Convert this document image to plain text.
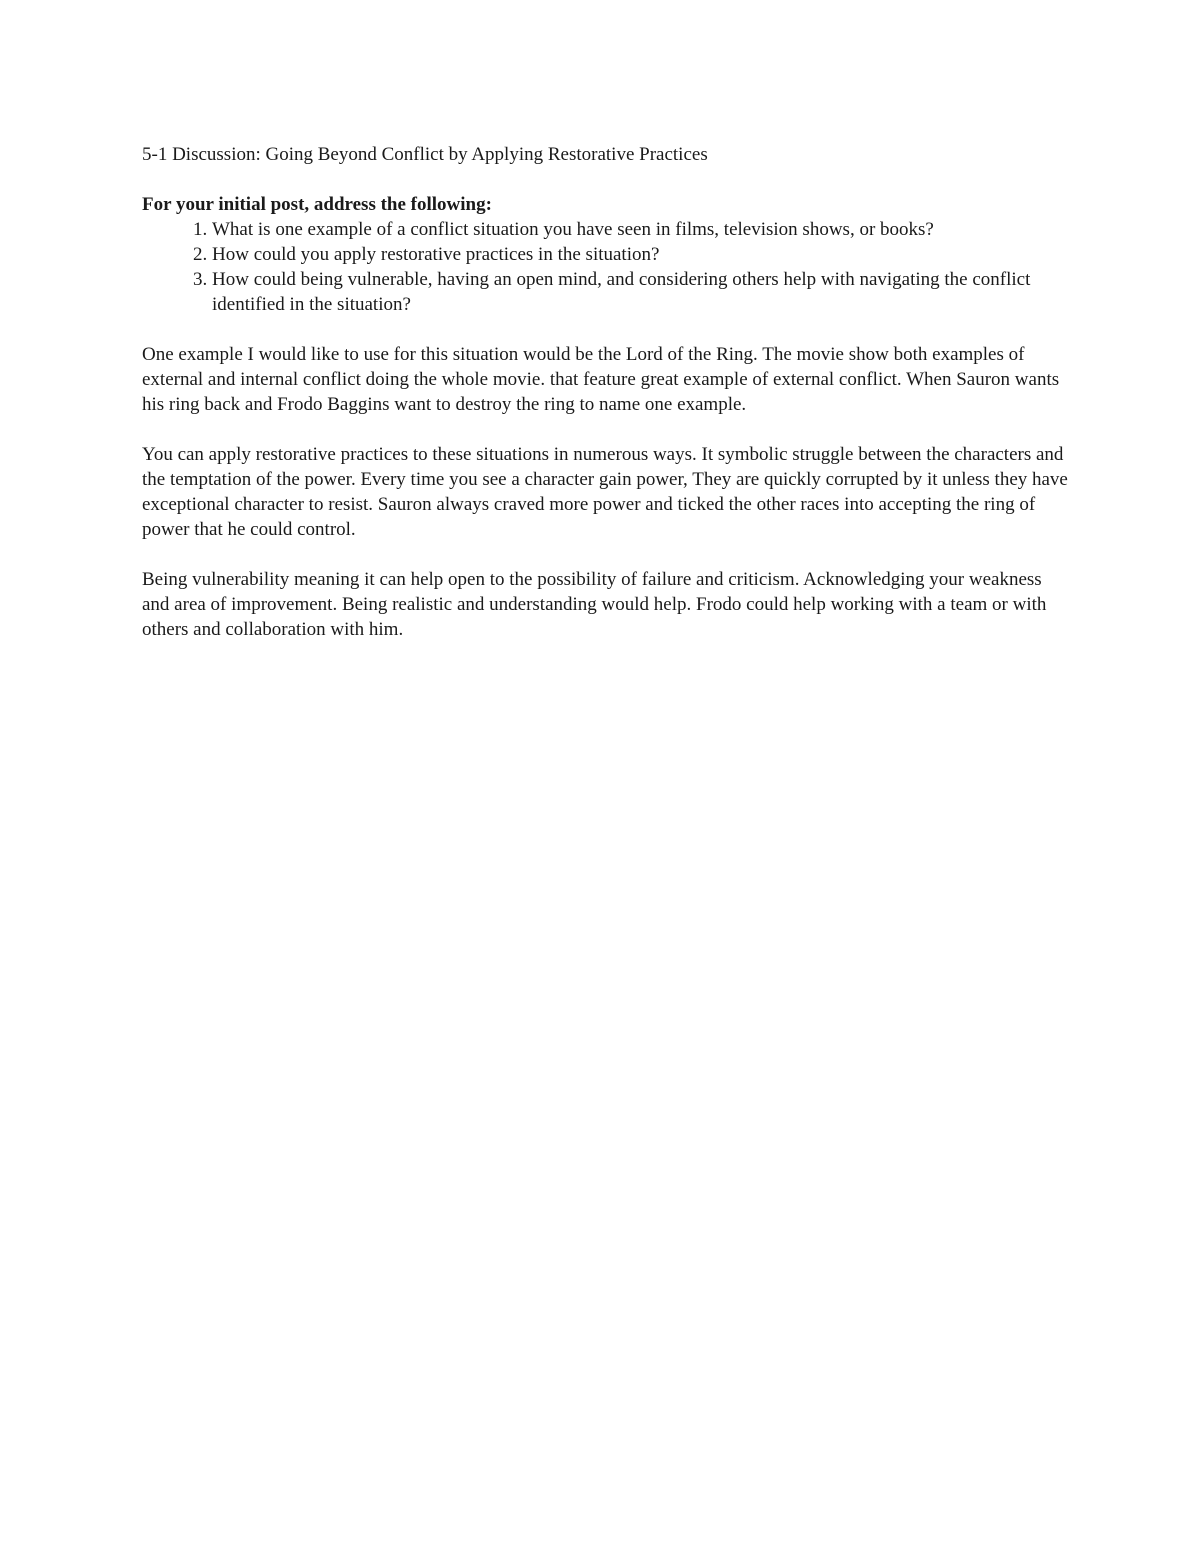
5-1 Discussion: Going Beyond Conflict by Applying Restorative Practices

For your initial post, address the following:

1. What is one example of a conflict situation you have seen in films, television shows, or books?
2. How could you apply restorative practices in the situation?
3. How could being vulnerable, having an open mind, and considering others help with navigating the conflict identified in the situation?

One example I would like to use for this situation would be the Lord of the Ring. The movie show both examples of external and internal conflict doing the whole movie. that feature great example of external conflict. When Sauron wants his ring back and Frodo Baggins want to destroy the ring to name one example.

You can apply restorative practices to these situations in numerous ways. It symbolic struggle between the characters and the temptation of the power. Every time you see a character gain power, They are quickly corrupted by it unless they have exceptional character to resist. Sauron always craved more power and ticked the other races into accepting the ring of power that he could control.

Being vulnerability meaning it can help open to the possibility of failure and criticism. Acknowledging your weakness and area of improvement. Being realistic and understanding would help. Frodo could help working with a team or with others and collaboration with him.
